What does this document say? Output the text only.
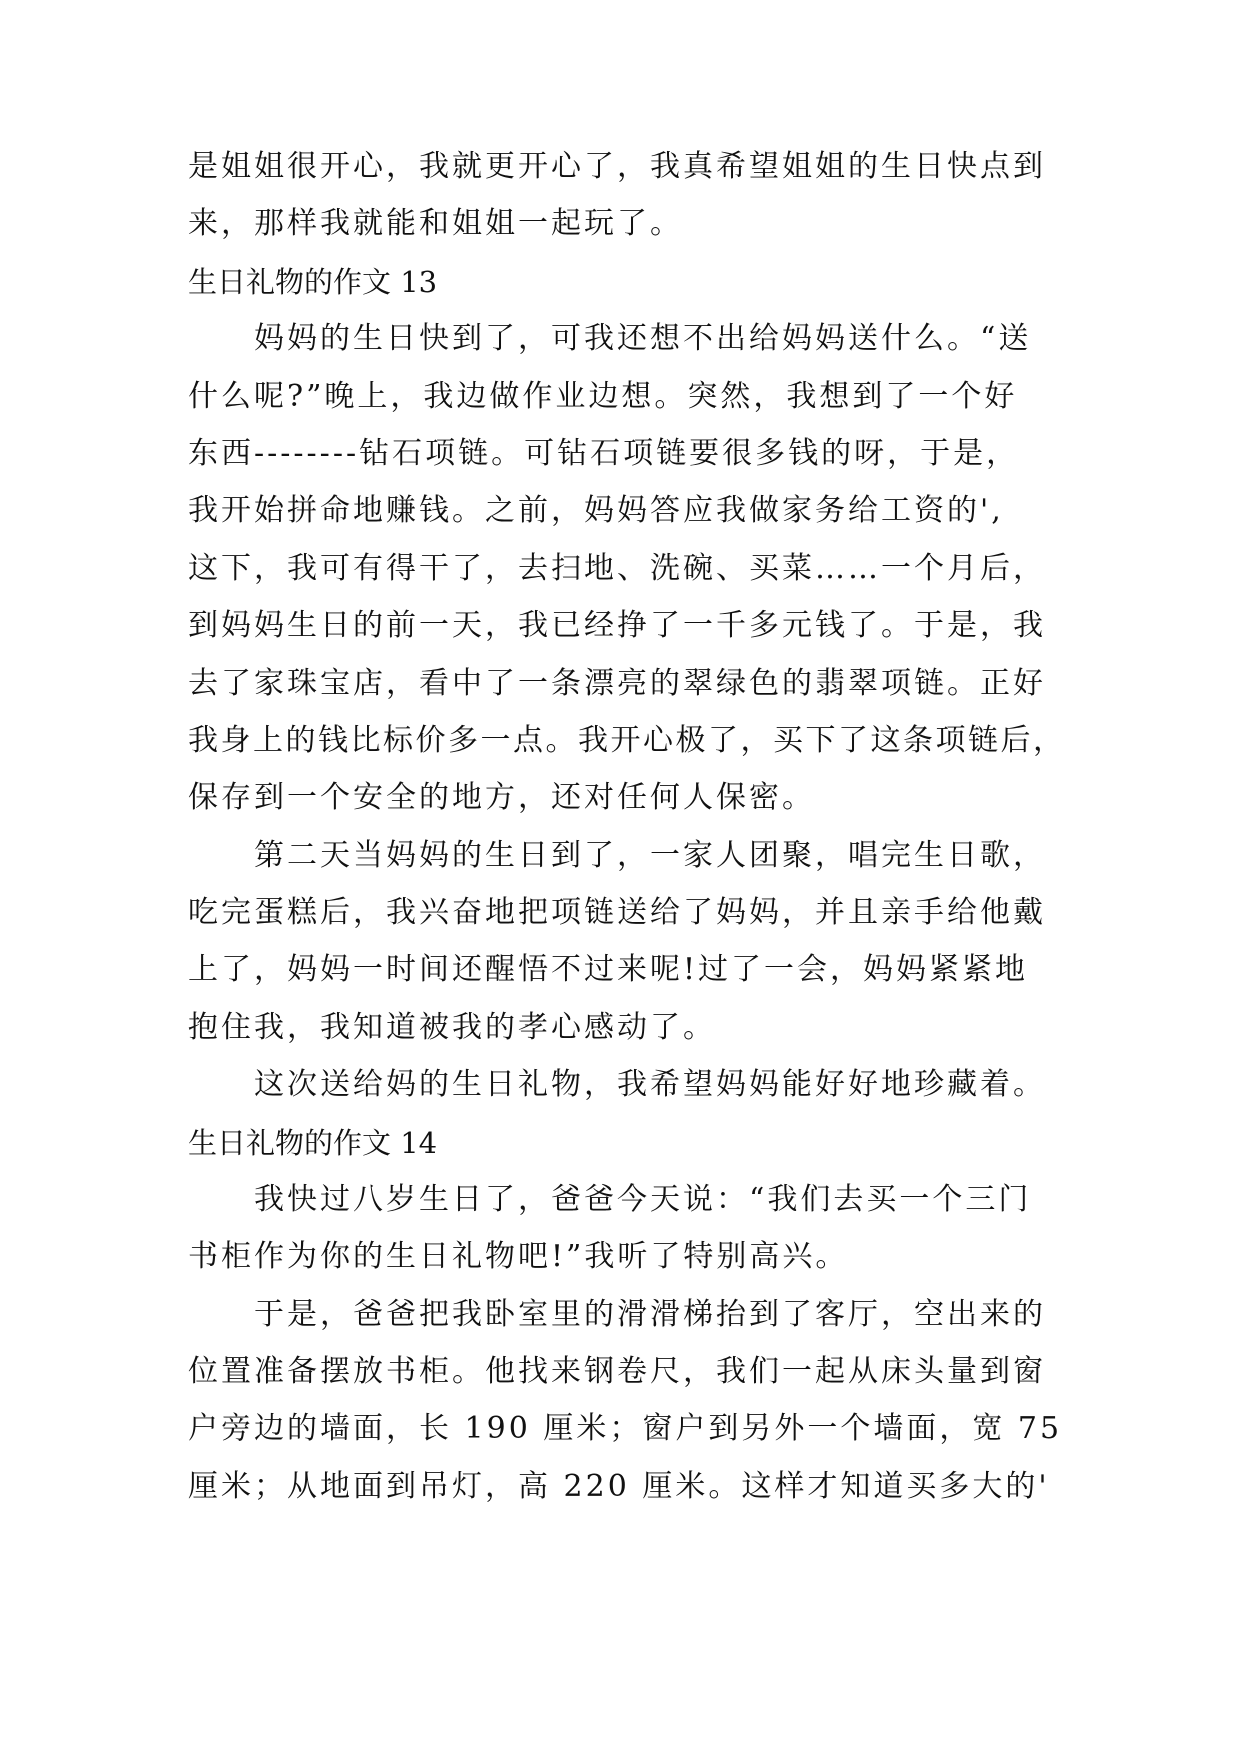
是姐姐很开心，我就更开心了，我真希望姐姐的生日快点到

来，那样我就能和姐姐一起玩了。

生日礼物的作文 13

　　妈妈的生日快到了，可我还想不出给妈妈送什么。“送

什么呢?”晚上，我边做作业边想。突然，我想到了一个好

东西--------钻石项链。可钻石项链要很多钱的呀，于是，

我开始拼命地赚钱。之前，妈妈答应我做家务给工资的',

这下，我可有得干了，去扫地、洗碗、买菜……一个月后，

到妈妈生日的前一天，我已经挣了一千多元钱了。于是，我

去了家珠宝店，看中了一条漂亮的翠绿色的翡翠项链。正好

我身上的钱比标价多一点。我开心极了，买下了这条项链后，

保存到一个安全的地方，还对任何人保密。

　　第二天当妈妈的生日到了，一家人团聚，唱完生日歌，

吃完蛋糕后，我兴奋地把项链送给了妈妈，并且亲手给他戴

上了，妈妈一时间还醒悟不过来呢!过了一会，妈妈紧紧地

抱住我，我知道被我的孝心感动了。

　　这次送给妈的生日礼物，我希望妈妈能好好地珍藏着。

生日礼物的作文 14

　　我快过八岁生日了，爸爸今天说：“我们去买一个三门

书柜作为你的生日礼物吧!”我听了特别高兴。

　　于是，爸爸把我卧室里的滑滑梯抬到了客厅，空出来的

位置准备摆放书柜。他找来钢卷尺，我们一起从床头量到窗

户旁边的墙面，长 190 厘米；窗户到另外一个墙面，宽 75

厘米；从地面到吊灯，高 220 厘米。这样才知道买多大的'
